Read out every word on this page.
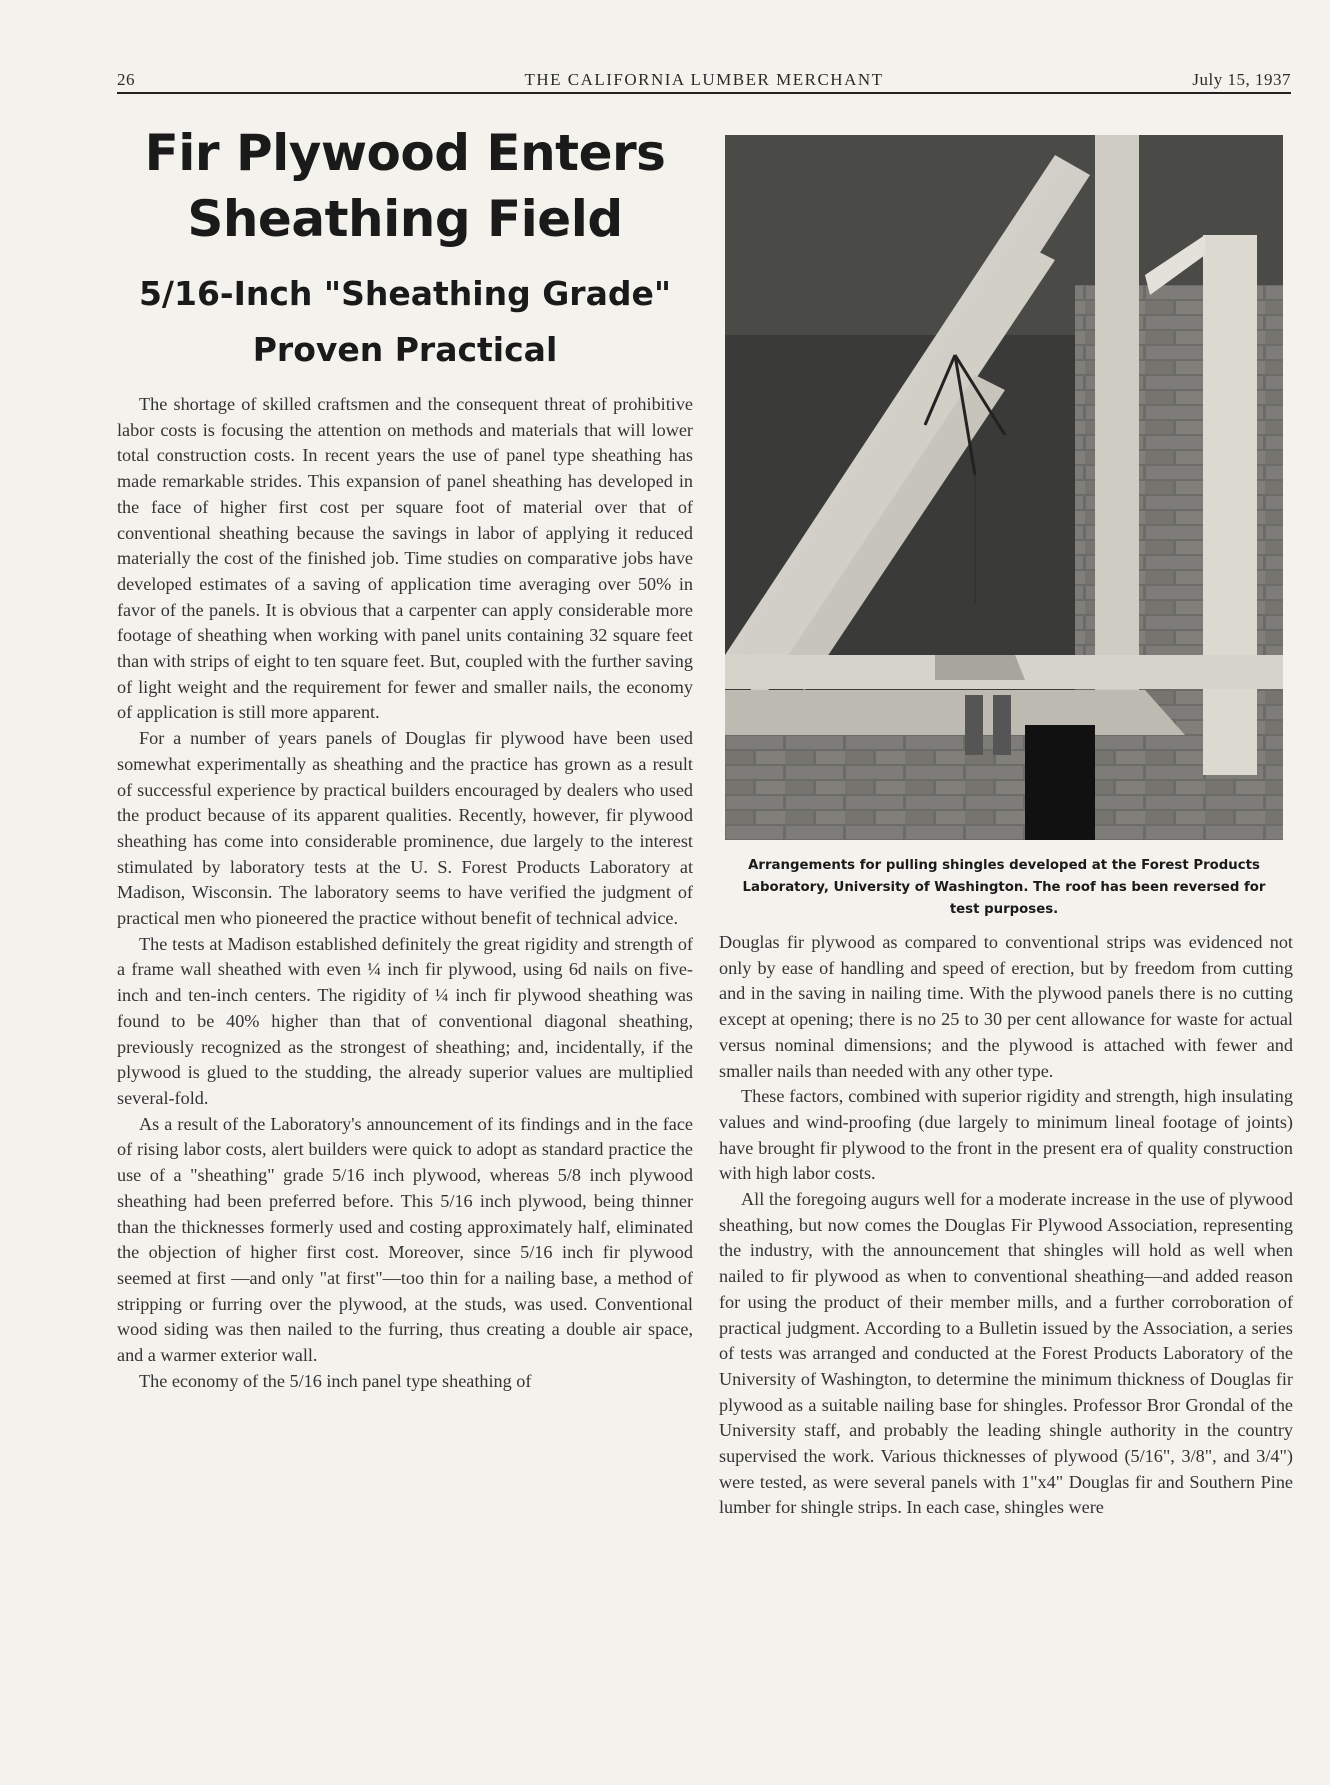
26	THE CALIFORNIA LUMBER MERCHANT	July 15, 1937
Fir Plywood Enters
Sheathing Field
5/16-Inch "Sheathing Grade"
Proven Practical

The shortage of skilled craftsmen and the consequent threat of prohibitive labor costs is focusing the attention on methods and materials that will lower total construction costs. In recent years the use of panel type sheathing has made remarkable strides. This expansion of panel sheathing has developed in the face of higher first cost per square foot of material over that of conventional sheathing because the savings in labor of applying it reduced materially the cost of the finished job. Time studies on comparative jobs have developed estimates of a saving of application time averaging over 50% in favor of the panels. It is obvious that a carpenter can apply considerable more footage of sheathing when working with panel units containing 32 square feet than with strips of eight to ten square feet. But, coupled with the further saving of light weight and the requirement for fewer and smaller nails, the economy of application is still more apparent.

For a number of years panels of Douglas fir plywood have been used somewhat experimentally as sheathing and the practice has grown as a result of successful experience by practical builders encouraged by dealers who used the product because of its apparent qualities. Recently, however, fir plywood sheathing has come into considerable prominence, due largely to the interest stimulated by laboratory tests at the U. S. Forest Products Laboratory at Madison, Wisconsin. The laboratory seems to have verified the judgment of practical men who pioneered the practice without benefit of technical advice.

The tests at Madison established definitely the great rigidity and strength of a frame wall sheathed with even ¼ inch fir plywood, using 6d nails on five-inch and ten-inch centers. The rigidity of ¼ inch fir plywood sheathing was found to be 40% higher than that of conventional diagonal sheathing, previously recognized as the strongest of sheathing; and, incidentally, if the plywood is glued to the studding, the already superior values are multiplied several-fold.

As a result of the Laboratory's announcement of its findings and in the face of rising labor costs, alert builders were quick to adopt as standard practice the use of a "sheathing" grade 5/16 inch plywood, whereas 5/8 inch plywood sheathing had been preferred before. This 5/16 inch plywood, being thinner than the thicknesses formerly used and costing approximately half, eliminated the objection of higher first cost. Moreover, since 5/16 inch fir plywood seemed at first —and only "at first"—too thin for a nailing base, a method of stripping or furring over the plywood, at the studs, was used. Conventional wood siding was then nailed to the furring, thus creating a double air space, and a warmer exterior wall.

The economy of the 5/16 inch panel type sheathing of

Arrangements for pulling shingles developed at the Forest Products Laboratory, University of Washington. The roof has been reversed for test purposes.

Douglas fir plywood as compared to conventional strips was evidenced not only by ease of handling and speed of erection, but by freedom from cutting and in the saving in nailing time. With the plywood panels there is no cutting except at opening; there is no 25 to 30 per cent allowance for waste for actual versus nominal dimensions; and the plywood is attached with fewer and smaller nails than needed with any other type.

These factors, combined with superior rigidity and strength, high insulating values and wind-proofing (due largely to minimum lineal footage of joints) have brought fir plywood to the front in the present era of quality construction with high labor costs.

All the foregoing augurs well for a moderate increase in the use of plywood sheathing, but now comes the Douglas Fir Plywood Association, representing the industry, with the announcement that shingles will hold as well when nailed to fir plywood as when to conventional sheathing—and added reason for using the product of their member mills, and a further corroboration of practical judgment. According to a Bulletin issued by the Association, a series of tests was arranged and conducted at the Forest Products Laboratory of the University of Washington, to determine the minimum thickness of Douglas fir plywood as a suitable nailing base for shingles. Professor Bror Grondal of the University staff, and probably the leading shingle authority in the country supervised the work. Various thicknesses of plywood (5/16", 3/8", and 3/4") were tested, as were several panels with 1"x4" Douglas fir and Southern Pine lumber for shingle strips. In each case, shingles were
